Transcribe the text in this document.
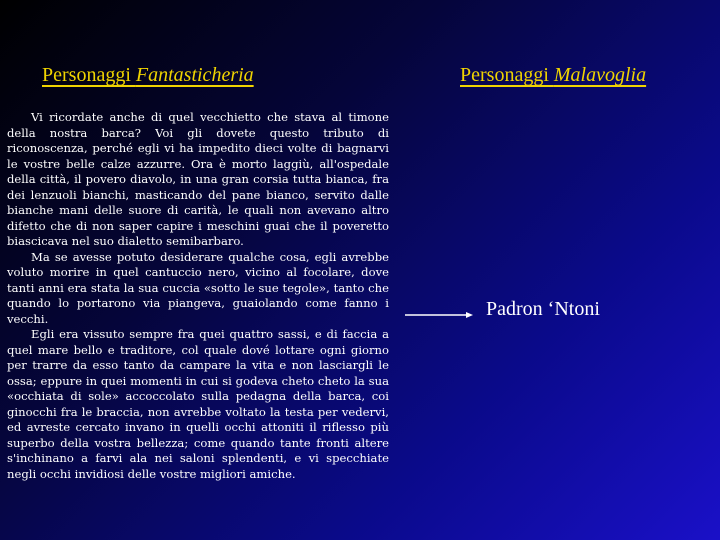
Personaggi Fantasticheria	Personaggi Malavoglia

Vi ricordate anche di quel vecchietto che stava al timone della nostra barca? Voi gli dovete questo tributo di riconoscenza, perché egli vi ha impedito dieci volte di bagnarvi le vostre belle calze azzurre. Ora è morto laggiù, all'ospedale della città, il povero diavolo, in una gran corsia tutta bianca, fra dei lenzuoli bianchi, masticando del pane bianco, servito dalle bianche mani delle suore di carità, le quali non avevano altro difetto che di non saper capire i meschini guai che il poveretto biascicava nel suo dialetto semibarbaro.

Ma se avesse potuto desiderare qualche cosa, egli avrebbe voluto morire in quel cantuccio nero, vicino al focolare, dove tanti anni era stata la sua cuccia «sotto le sue tegole», tanto che quando lo portarono via piangeva, guaiolando come fanno i vecchi.

Egli era vissuto sempre fra quei quattro sassi, e di faccia a quel mare bello e traditore, col quale dové lottare ogni giorno per trarre da esso tanto da campare la vita e non lasciargli le ossa; eppure in quei momenti in cui si godeva cheto cheto la sua «occhiata di sole» accoccolato sulla pedagna della barca, coi ginocchi fra le braccia, non avrebbe voltato la testa per vedervi, ed avreste cercato invano in quelli occhi attoniti il riflesso più superbo della vostra bellezza; come quando tante fronti altere s'inchinano a farvi ala nei saloni splendenti, e vi specchiate negli occhi invidiosi delle vostre migliori amiche.

Padron ‘Ntoni
